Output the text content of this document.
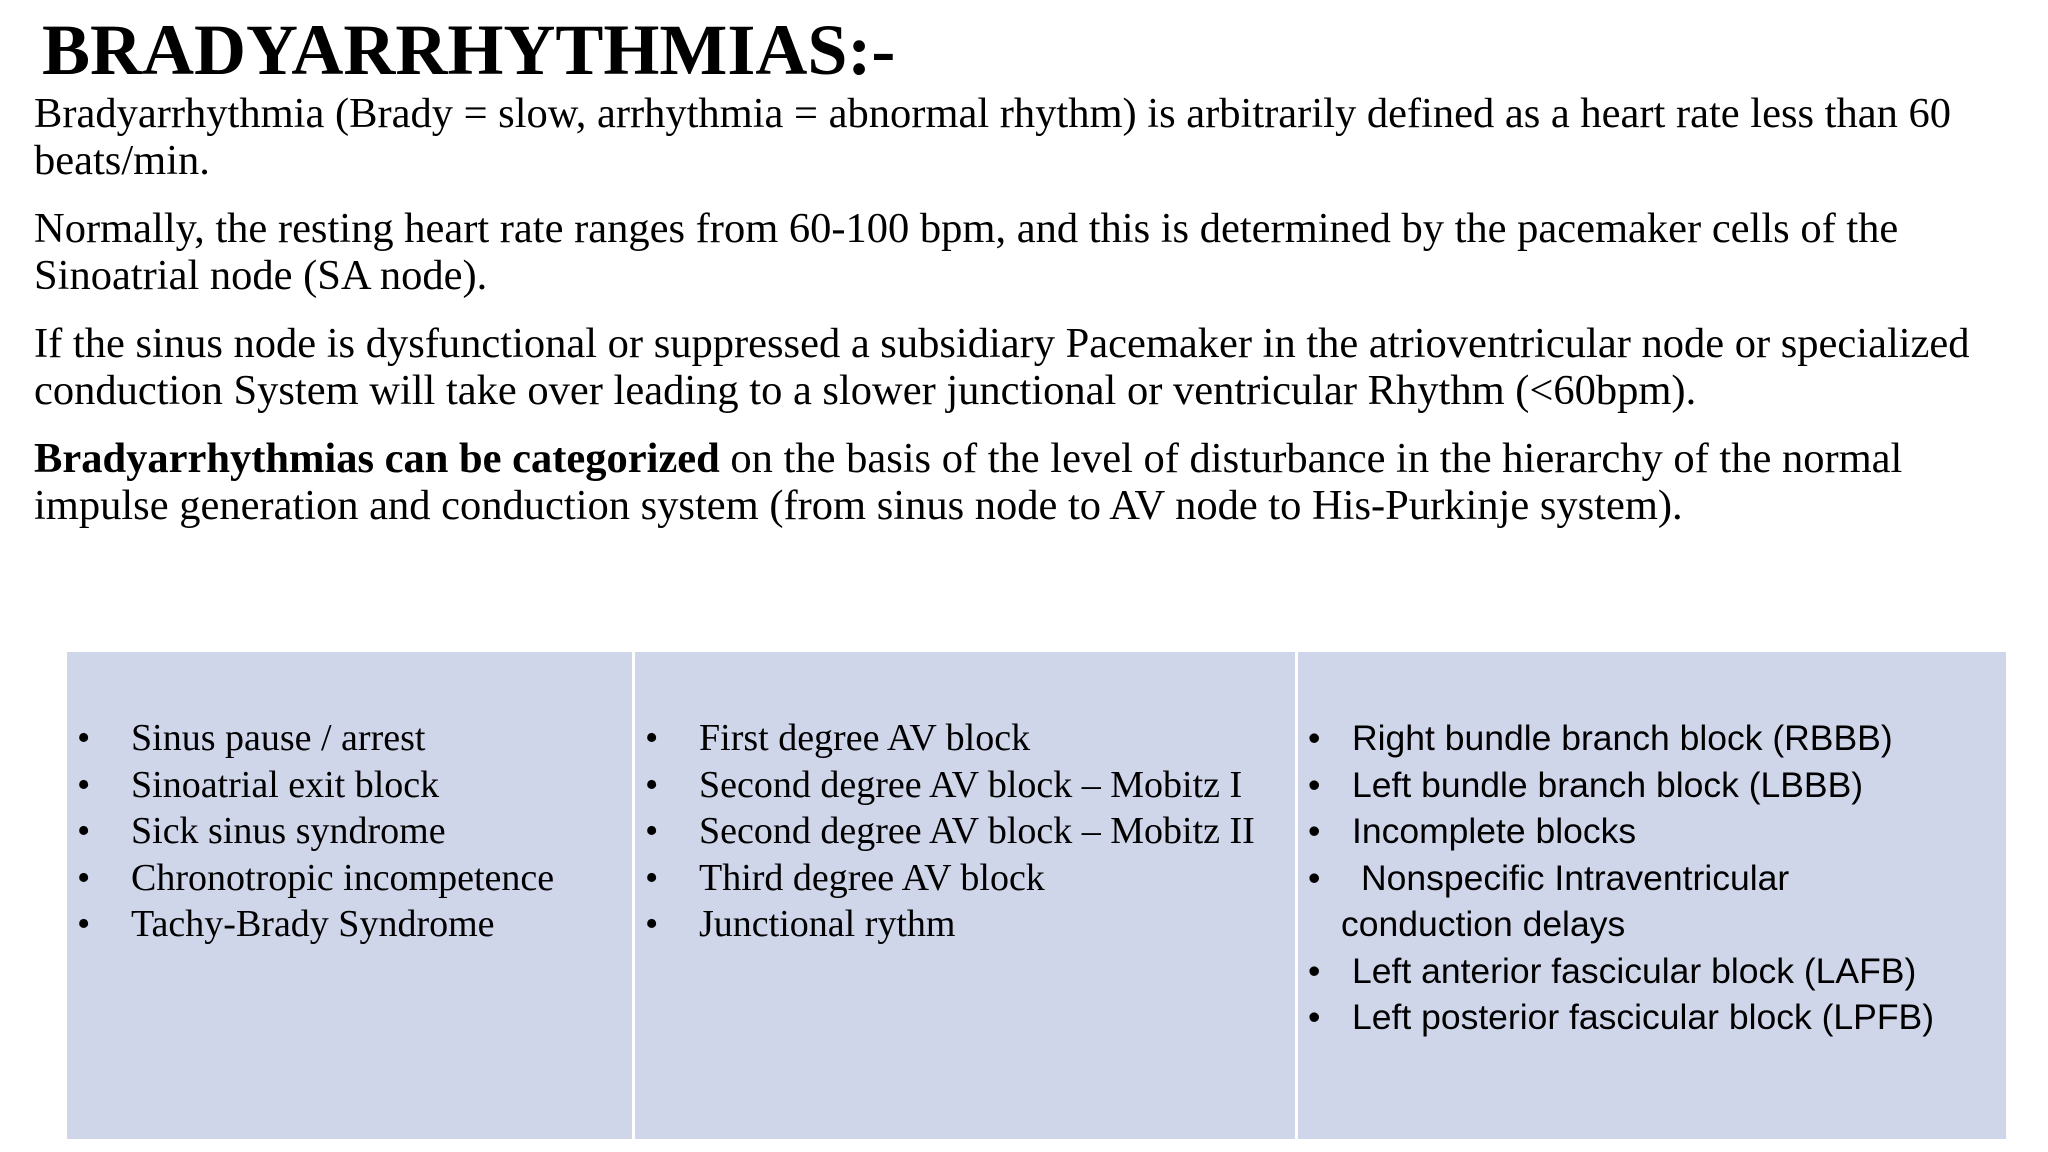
BRADYARRHYTHMIAS:-

Bradyarrhythmia (Brady = slow, arrhythmia = abnormal rhythm) is arbitrarily defined as a heart rate less than 60 beats/min.

Normally, the resting heart rate ranges from 60-100 bpm, and this is determined by the pacemaker cells of the Sinoatrial node (SA node).

If the sinus node is dysfunctional or suppressed a subsidiary Pacemaker in the atrioventricular node or specialized conduction System will take over leading to a slower junctional or ventricular Rhythm (<60bpm).

Bradyarrhythmias can be categorized on the basis of the level of disturbance in the hierarchy of the normal impulse generation and conduction system (from sinus node to AV node to His-Purkinje system).

•	Sinus pause / arrest
•	Sinoatrial exit block
•	Sick sinus syndrome
•	Chronotropic incompetence
•	Tachy-Brady Syndrome
•	First degree AV block
•	Second degree AV block – Mobitz I
•	Second degree AV block – Mobitz II
•	Third degree AV block
•	Junctional rythm
• Right bundle branch block (RBBB)
• Left bundle branch block (LBBB)
• Incomplete blocks
•	Nonspecific Intraventricular
conduction delays
• Left anterior fascicular block (LAFB)
• Left posterior fascicular block (LPFB)
